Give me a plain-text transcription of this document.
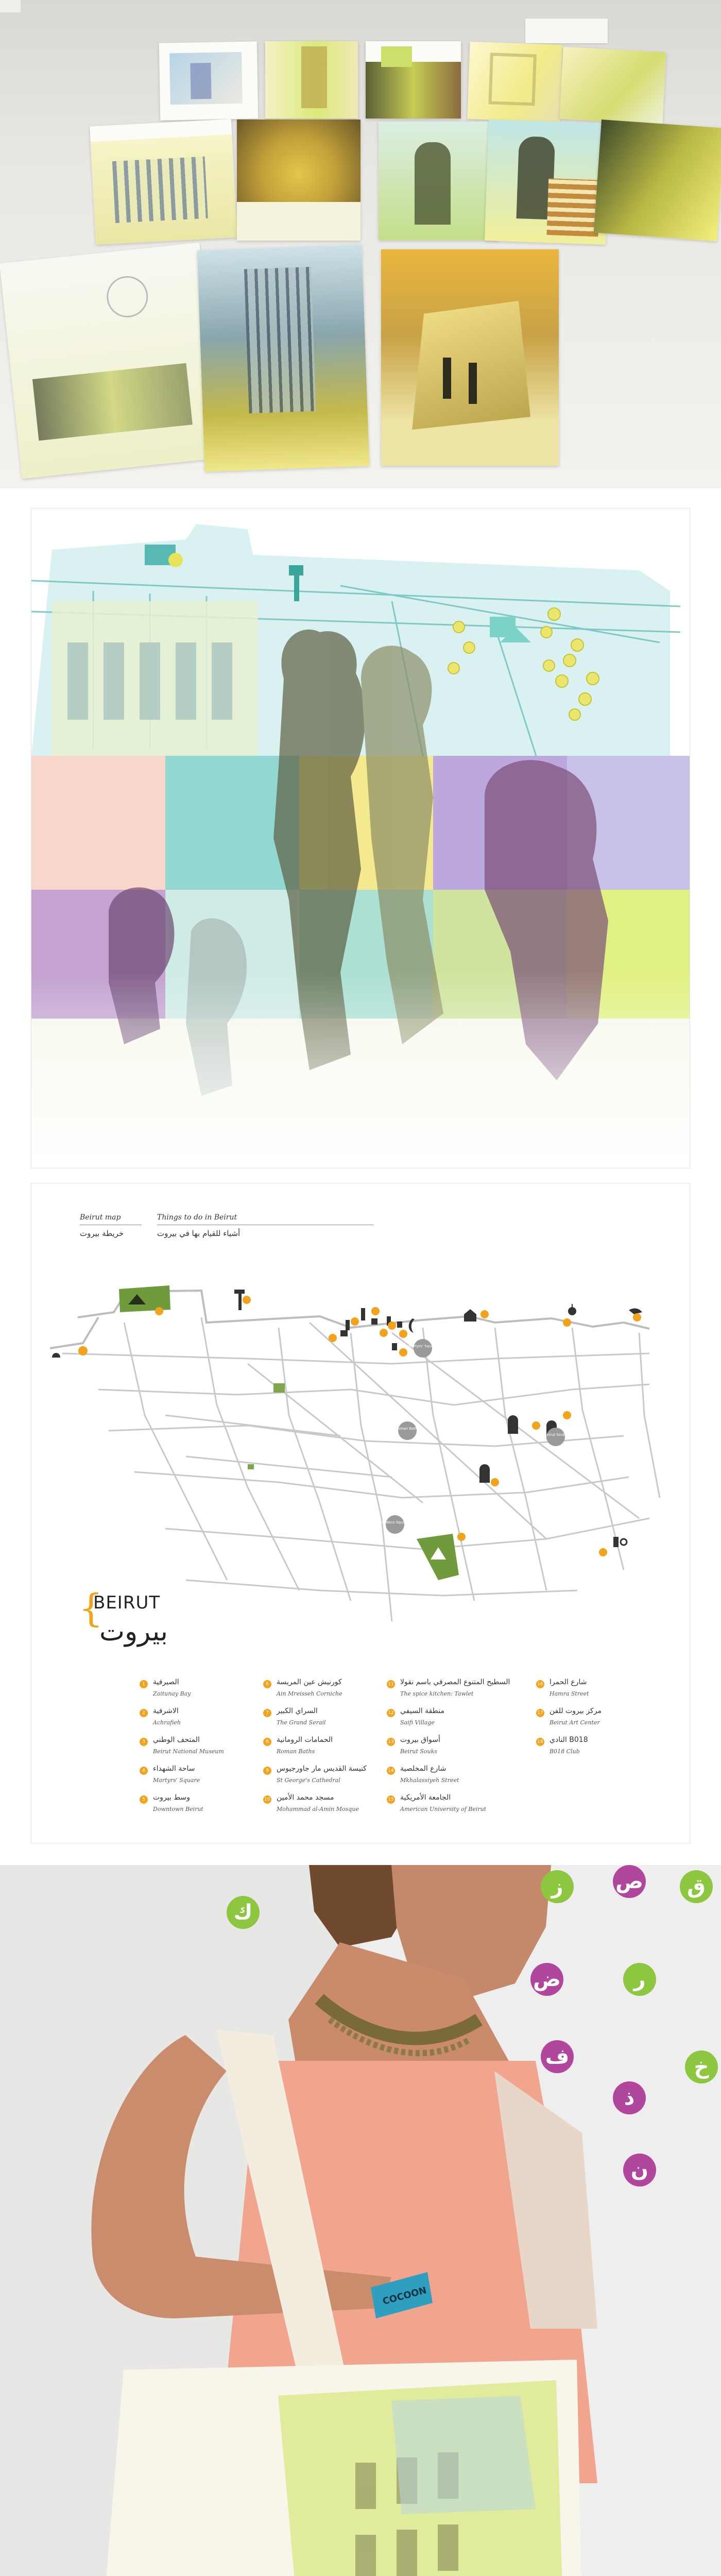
Beirut map
خريطة بيروت
Things to do in Beirut
أشياء للقيام بها في بيروت
Martyrs' Square
Roman Baths
Beirut Souks
Sodeco Square
{
BEIRUT
بيروت
1	الصيرفية
Zaitunay Bay
2	الاشرفية
Achrafieh
3	المتحف الوطني
Beirut National Museum
4	ساحة الشهداء
Martyrs' Square
5	وسط بيروت
Downtown Beirut
6	كورنيش عين المريسة
Ain Mreisseh Corniche
7	السراي الكبير
The Grand Serail
8	الحمامات الرومانية
Roman Baths
9	كنيسة القديس مار جاورجيوس
St George's Cathedral
10 مسجد محمد الأمين
Mohammad al-Amin Mosque
11 السطيح المتنوع المصرفي باسم نقولا
The spice kitchen: Tawlet
12 منطقة السيفي
Saifi Village
13 أسواق بيروت
Beirut Souks
14 شارع المخلصية
Mkhalassiyeh Street
15 الجامعة الأمريكية
American University of Beirut
16 شارع الحمرا
Hamra Street
17 مركز بيروت للفن
Beirut Art Center
18 النادي B018
B018 Club
COCOON
ك
ز	ص	ق
ض	ر
ف
ذ
خ
ن
